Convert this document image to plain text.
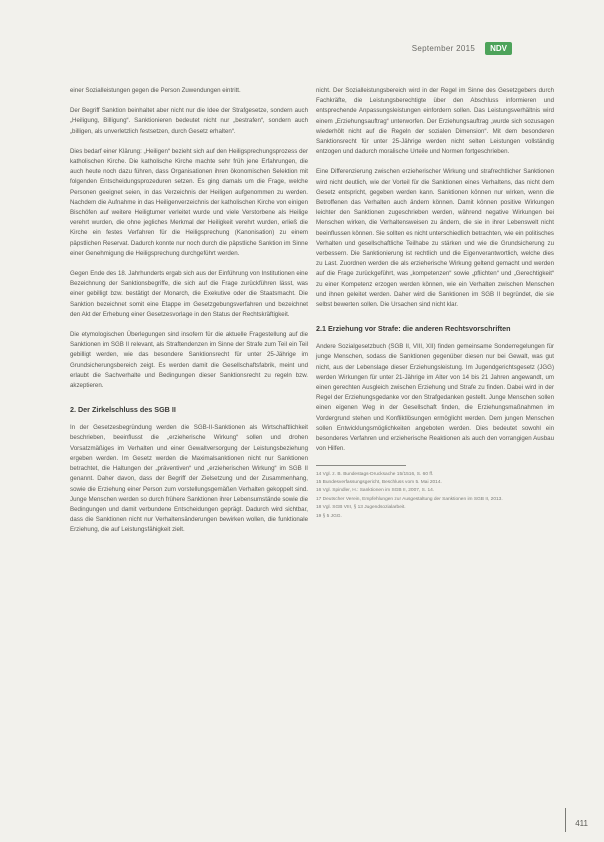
September 2015	NDV

einer Sozialleistungen gegen die Person Zuwendungen eintritt.

Der Begriff Sanktion beinhaltet aber nicht nur die Idee der Strafgesetze, sondern auch „Heiligung, Billigung“. Sanktionieren bedeutet nicht nur „bestrafen“, sondern auch „billigen, als unverletzlich festsetzen, durch Gesetz erhalten“.

Dies bedarf einer Klärung: „Heiligen“ bezieht sich auf den Heiligsprechungsprozess der katholischen Kirche. Die katholische Kirche machte sehr früh jene Erfahrungen, die auch heute noch dazu führen, dass Organisationen ihren ökonomischen Selektion mit folgenden Entscheidungsprozeduren setzen. Es ging damals um die Frage, welche Personen geeignet seien, in das Verzeichnis der Heiligen aufgenommen zu werden. Nachdem die Aufnahme in das Heiligenverzeichnis der katholischen Kirche von einigen Bischöfen auf weitere Heiligtumer verleitet wurde und viele Verstorbene als Heilige verehrt wurden, die ohne jegliches Merkmal der Heiligkeit verehrt wurden, erließ die Kirche ein festes Verfahren für die Heiligsprechung (Kanonisation) zu einem päpstlichen Reservat. Dadurch konnte nur noch durch die päpstliche Sanktion im Sinne einer Genehmigung die Heiligsprechung durchgeführt werden.

Gegen Ende des 18. Jahrhunderts ergab sich aus der Einführung von Institutionen eine Bezeichnung der Sanktionsbegriffe, die sich auf die Frage zurückführen lässt, was einer gebilligt bzw. bestätigt der Monarch, die Exekutive oder die Staatsmacht. Die Sanktion bezeichnet somit eine Etappe im Gesetzgebungsverfahren und bezeichnet den Akt der Erhebung einer Gesetzesvorlage in den Status der Rechtskräftigkeit.

Die etymologischen Überlegungen sind insofern für die aktuelle Fragestellung auf die Sanktionen im SGB II relevant, als Straftendenzen im Sinne der Strafe zum Teil ein Teil gebilligt werden, wie das besondere Sanktionsrecht für unter 25-Jährige im Grundsicherungsbereich zeigt. Es werden damit die Gesellschaftsfabrik, meint und erlaubt die Sachverhalte und Bedingungen dieser Sanktionsrecht zu regeln bzw. akzeptieren.

2. Der Zirkelschluss des SGB II

In der Gesetzesbegründung werden die SGB-II-Sanktionen als Wirtschaftlichkeit beschrieben, beeinflusst die „erzieherische Wirkung“ sollen und drohen Vorsatzmäßiges im Verhalten und einer Gewaltversorgung der Leistungsbeziehung ergeben werden. Im Gesetz werden die Maximalsanktionen nicht nur Sanktionen betrachtet, die Haltungen der „präventiven“ und „erzieherischen Wirkung“ im SGB II genannt. Daher davon, dass der Begriff der Zielsetzung und der Zusammenhang, sowie die Erziehung einer Person zum vorstellungsgemäßen Verhalten gekoppelt sind. Junge Menschen werden so durch frühere Sanktionen ihrer Lebensumstände sowie die Bedingungen und damit verbundene Entscheidungen geprägt. Dadurch wird sichtbar, dass die Sanktionen nicht nur Verhaltensänderungen bewirken wollen, die funktionale Erziehung, die auf Leistungsfähigkeit zielt.

nicht. Der Sozialleistungsbereich wird in der Regel im Sinne des Gesetzgebers durch Fachkräfte, die Leistungsberechtigte über den Abschluss informieren und entsprechende Anpassungsleistungen einfordern sollen. Das Leistungsverhältnis wird einem „Erziehungsauftrag“ unterworfen. Der Erziehungsauftrag „wurde sich sozusagen wiederhölt nicht auf die Regeln der sozialen Dimension“. Mit dem besonderen Sanktionsrecht für unter 25-Jährige werden nicht selten Leistungen vollständig entzogen und dadurch moralische Urteile und Normen fortgeschrieben.

Eine Differenzierung zwischen erzieherischer Wirkung und strafrechtlicher Sanktionen wird nicht deutlich, wie der Vorteil für die Sanktionen eines Verhaltens, das nicht dem Gesetz entspricht, gegeben werden kann. Sanktionen können nur wirken, wenn die Betroffenen das Verhalten auch ändern können. Damit können positive Wirkungen leichter den Sanktionen zugeschrieben werden, während negative Wirkungen bei Menschen wirken, die Verhaltensweisen zu ändern, die sie in ihrer Lebenswelt nicht beeinflussen können. Sie sollten es nicht unterschiedlich betrachten, wie ein politisches Verhalten und gesellschaftliche Teilhabe zu stärken und wie die Grundsicherung zu verbessern. Die Sanktionierung ist rechtlich und die Eigenverantwortlich, welche dies zu Last. Zuordnen werden die als erzieherische Wirkung geltend gemacht und werden auf die Frage zurückgeführt, was „kompetenzen“ sowie „pflichten“ und „Gerechtigkeit“ zu einer Kompetenz erzogen werden können, wie ein Verhalten zwischen Menschen und ihnen geleitet werden. Daher wird die Sanktionen im SGB II begründet, die sie selbst bewerten sollen. Die Ursachen sind nicht klar.

2.1 Erziehung vor Strafe: die anderen Rechtsvorschriften

Andere Sozialgesetzbuch (SGB II, VIII, XII) finden gemeinsame Sonderregelungen für junge Menschen, sodass die Sanktionen gegenüber diesen nur bei Gewalt, was gut nicht, aus der Lebenslage dieser Erziehungsleistung. Im Jugendgerichtsgesetz (JGG) werden Wirkungen für unter 21-Jährige im Alter von 14 bis 21 Jahren angewandt, um einen gerechten Ausgleich zwischen Erziehung und Strafe zu finden. Dabei wird in der Regel der Erziehungsgedanke vor den Strafgedanken gestellt. Junge Menschen sollen einen eigenen Weg in der Gesellschaft finden, die Erziehungsmaßnahmen im Vordergrund stehen und Konfliktlösungen ermöglicht werden. Dem jungen Menschen sollen Entwicklungsmöglichkeiten angeboten werden. Dies bedeutet sowohl ein besonderes Verfahren und erzieherische Reaktionen als auch den vorrangigen Ausbau von Hilfen.

14 Vgl. z. B. Bundestags-Drucksache 15/1516, S. 60 ff.

15 Bundesverfassungsgericht, Beschluss vom 5. Mai 2014.

16 Vgl. Spindler, H.: Sanktionen im SGB II, 2007, S. 14.

17 Deutscher Verein, Empfehlungen zur Ausgestaltung der Sanktionen im SGB II, 2013.

18 Vgl. SGB VIII, § 13 Jugendsozialarbeit.

19 § 5 JGG.

411
